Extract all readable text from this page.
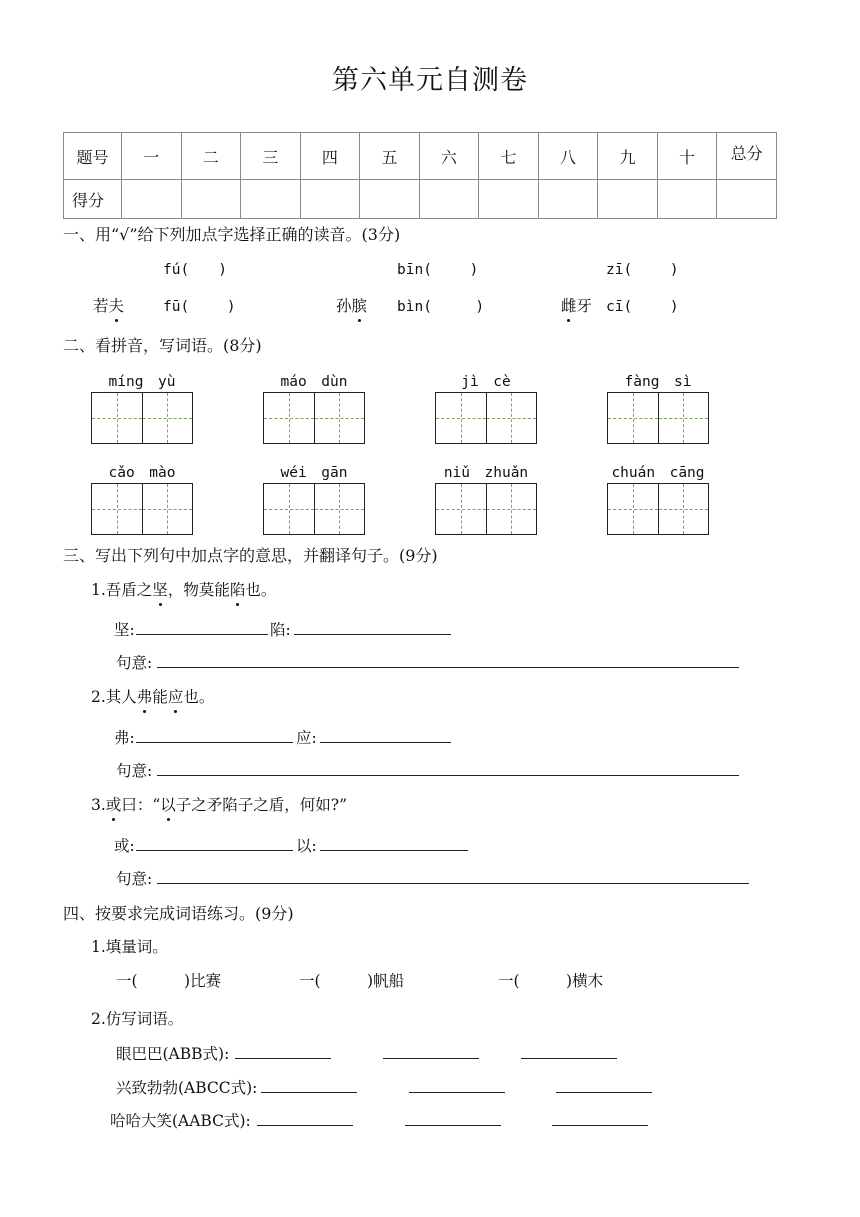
第六单元自测卷
题号	一	二	三	四	五	六	七	八	九	十	总分
得分											
一、用“√”给下列加点字选择正确的读音。(3分)
fú(　　)
若夫	fū(　　 )
bīn(　　 )
孙膑 bìn(　　　)
zī(　　 )
雌牙 cī(　　 )
二、看拼音，写词语。(8分)
míng　yù	máo　dùn	jì　cè	fàng　sì
cǎo　mào	wéi　gān	niǔ　zhuǎn	chuán　cāng
三、写出下列句中加点字的意思，并翻译句子。(9分)
1.吾盾之坚，物莫能陷也。
坚:	陷:
句意:
2.其人弗能应也。
弗:	应:
句意:
3.或曰：“以子之矛陷子之盾，何如?”
或:	以:
句意:
四、按要求完成词语练习。(9分)
1.填量词。
一(　　　)比赛	一(　　　)帆船	一(　　　)横木
2.仿写词语。
眼巴巴(ABB式):
兴致勃勃(ABCC式):
哈哈大笑(AABC式):
